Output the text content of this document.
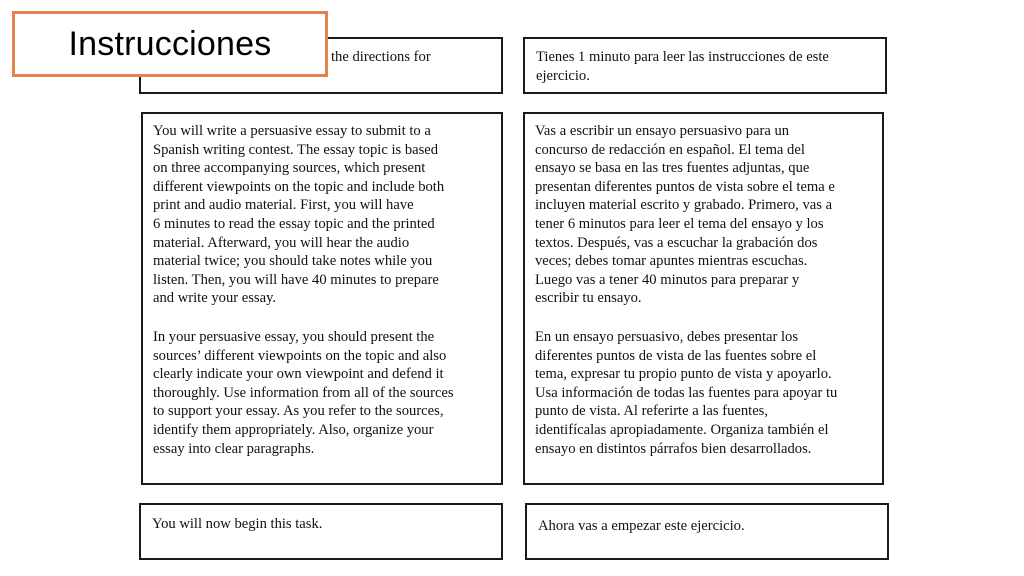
the directions for	Tienes 1 minuto para leer las instrucciones de este
ejercicio.

You will write a persuasive essay to submit to a
Spanish writing contest. The essay topic is based
on three accompanying sources, which present
different viewpoints on the topic and include both
print and audio material. First, you will have
6 minutes to read the essay topic and the printed
material. Afterward, you will hear the audio
material twice; you should take notes while you
listen. Then, you will have 40 minutes to prepare
and write your essay.

In your persuasive essay, you should present the
sources’ different viewpoints on the topic and also
clearly indicate your own viewpoint and defend it
thoroughly. Use information from all of the sources
to support your essay. As you refer to the sources,
identify them appropriately. Also, organize your
essay into clear paragraphs.

Vas a escribir un ensayo persuasivo para un
concurso de redacción en español. El tema del
ensayo se basa en las tres fuentes adjuntas, que
presentan diferentes puntos de vista sobre el tema e
incluyen material escrito y grabado. Primero, vas a
tener 6 minutos para leer el tema del ensayo y los
textos. Después, vas a escuchar la grabación dos
veces; debes tomar apuntes mientras escuchas.
Luego vas a tener 40 minutos para preparar y
escribir tu ensayo.

En un ensayo persuasivo, debes presentar los
diferentes puntos de vista de las fuentes sobre el
tema, expresar tu propio punto de vista y apoyarlo.
Usa información de todas las fuentes para apoyar tu
punto de vista. Al referirte a las fuentes,
identifícalas apropiadamente. Organiza también el
ensayo en distintos párrafos bien desarrollados.

You will now begin this task.	Ahora vas a empezar este ejercicio.

Instrucciones
